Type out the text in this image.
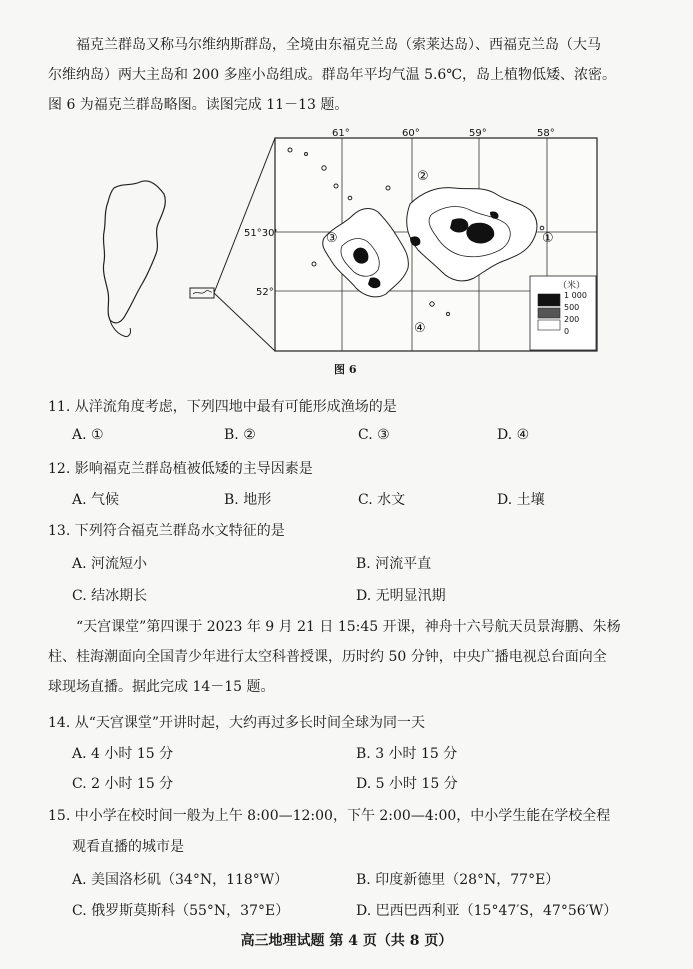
福克兰群岛又称马尔维纳斯群岛，全境由东福克兰岛（索莱达岛）、西福克兰岛（大马

尔维纳岛）两大主岛和 200 多座小岛组成。群岛年平均气温 5.6℃，岛上植物低矮、浓密。
图 6 为福克兰群岛略图。读图完成 11－13 题。
61°	60°	59°	58°
51°30'
52°
①
②
③
④
（米）
1 000
500
200
0
图 6
11. 从洋流角度考虑，下列四地中最有可能形成渔场的是
A. ①	B. ②	C. ③	D. ④
12. 影响福克兰群岛植被低矮的主导因素是
A. 气候	B. 地形	C. 水文	D. 土壤
13. 下列符合福克兰群岛水文特征的是
A. 河流短小	B. 河流平直
C. 结冰期长	D. 无明显汛期

“天宫课堂”第四课于 2023 年 9 月 21 日 15:45 开课，神舟十六号航天员景海鹏、朱杨

柱、桂海潮面向全国青少年进行太空科普授课，历时约 50 分钟，中央广播电视总台面向全
球现场直播。据此完成 14－15 题。
14. 从“天宫课堂”开讲时起，大约再过多长时间全球为同一天
A. 4 小时 15 分	B. 3 小时 15 分
C. 2 小时 15 分	D. 5 小时 15 分
15. 中小学在校时间一般为上午 8:00—12:00，下午 2:00—4:00，中小学生能在学校全程
观看直播的城市是
A. 美国洛杉矶（34°N，118°W）	B. 印度新德里（28°N，77°E）
C. 俄罗斯莫斯科（55°N，37°E）	D. 巴西巴西利亚（15°47′S，47°56′W）
高三地理试题 第 4 页（共 8 页）
